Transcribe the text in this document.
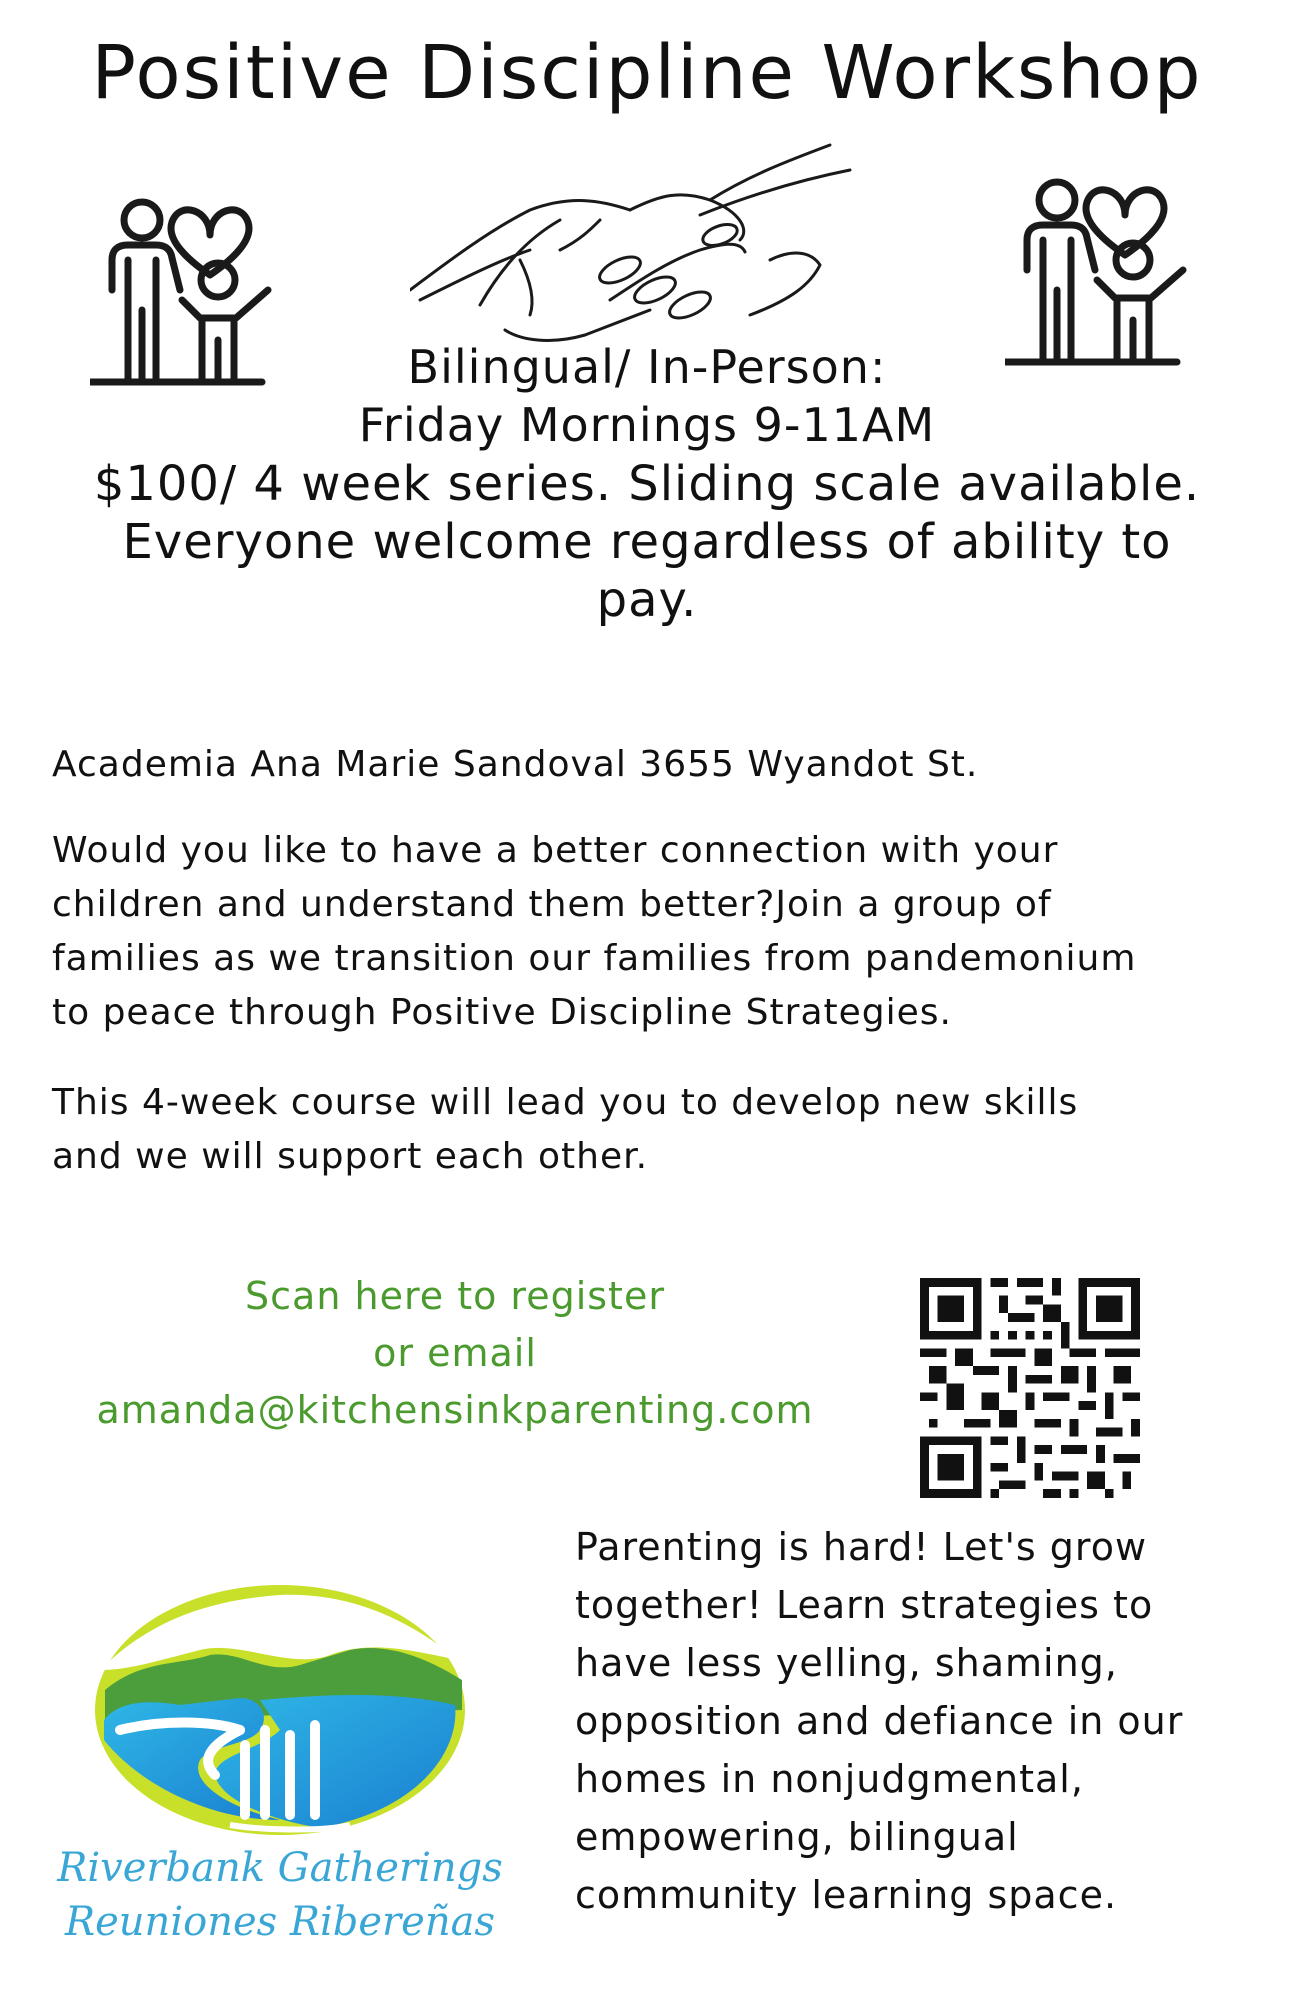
Positive Discipline Workshop
Bilingual/ In-Person:
Friday Mornings 9-11AM
$100/ 4 week series. Sliding scale available.
Everyone welcome regardless of ability to
pay.
Academia Ana Marie Sandoval 3655 Wyandot St.
Would you like to have a better connection with your
children and understand them better?Join a group of
families as we transition our families from pandemonium
to peace through Positive Discipline Strategies.
This 4-week course will lead you to develop new skills
and we will support each other.
Scan here to register
or email
amanda@kitchensinkparenting.com
Parenting is hard! Let's grow
together! Learn strategies to
have less yelling, shaming,
opposition and defiance in our
homes in nonjudgmental,
empowering, bilingual
community learning space.
Riverbank Gatherings
Reuniones Ribereñas
